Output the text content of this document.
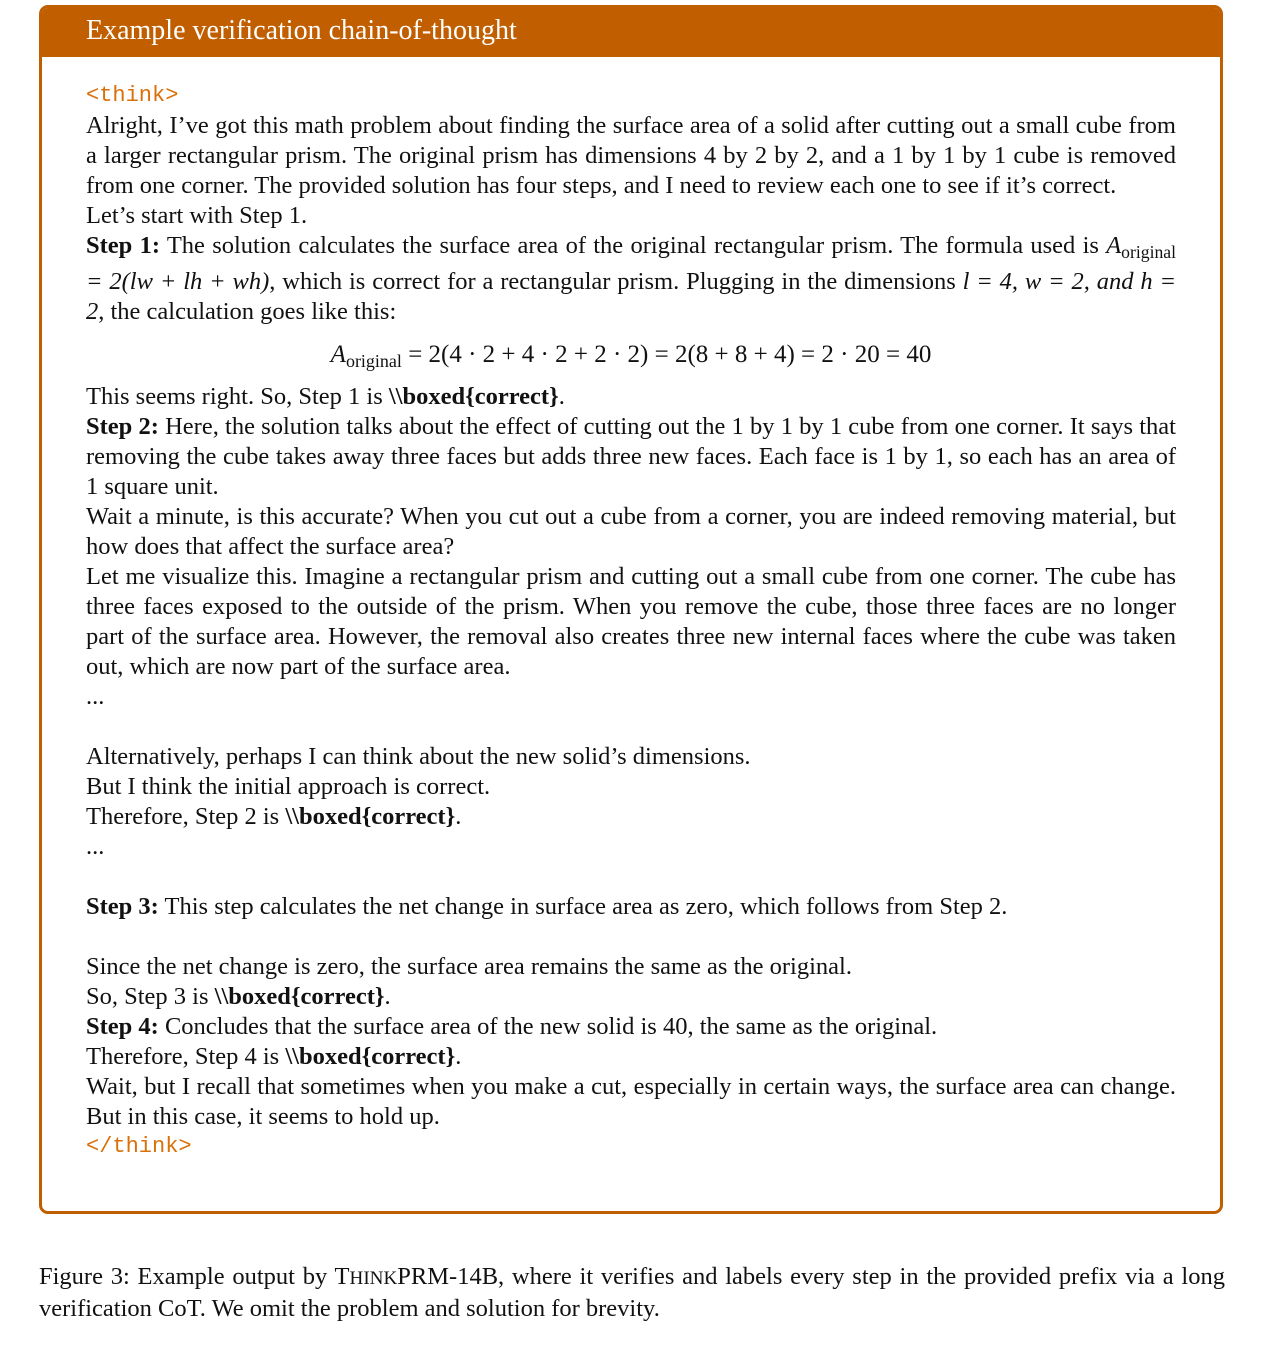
Example verification chain-of-thought
<think>

Alright, I’ve got this math problem about finding the surface area of a solid after cutting out a small cube from a larger rectangular prism. The original prism has dimensions 4 by 2 by 2, and a 1 by 1 by 1 cube is removed from one corner. The provided solution has four steps, and I need to review each one to see if it’s correct.

Let’s start with Step 1.

Step 1: The solution calculates the surface area of the original rectangular prism. The formula used is $A_{original} = 2(lw$ + lh + wh), which is correct for a rectangular prism. Plugging in the dimensions l = 4, w = 2, and h = 2, the calculation goes like this:

$A_{original} = 2(4 \cdot 2 + 4 \cdot 2 + 2 \cdot 2) = 2(8 + 8 + 4) = 2 \cdot 20 = 40$

This seems right. So, Step 1 is \\boxed{correct}.

Step 2: Here, the solution talks about the effect of cutting out the 1 by 1 by 1 cube from one corner. It says that removing the cube takes away three faces but adds three new faces. Each face is 1 by 1, so each has an area of 1 square unit.

Wait a minute, is this accurate? When you cut out a cube from a corner, you are indeed removing material, but how does that affect the surface area?

Let me visualize this. Imagine a rectangular prism and cutting out a small cube from one corner. The cube has three faces exposed to the outside of the prism. When you remove the cube, those three faces are no longer part of the surface area. However, the removal also creates three new internal faces where the cube was taken out, which are now part of the surface area.

...

Alternatively, perhaps I can think about the new solid’s dimensions.

But I think the initial approach is correct.

Therefore, Step 2 is \\boxed{correct}.

...

Step 3: This step calculates the net change in surface area as zero, which follows from Step 2.

Since the net change is zero, the surface area remains the same as the original.

So, Step 3 is \\boxed{correct}.

Step 4: Concludes that the surface area of the new solid is 40, the same as the original.

Therefore, Step 4 is \\boxed{correct}.

Wait, but I recall that sometimes when you make a cut, especially in certain ways, the surface area can change. But in this case, it seems to hold up.

</think>

Figure 3: Example output by THINKPRM-14B, where it verifies and labels every step in the provided prefix via a long verification CoT. We omit the problem and solution for brevity.
